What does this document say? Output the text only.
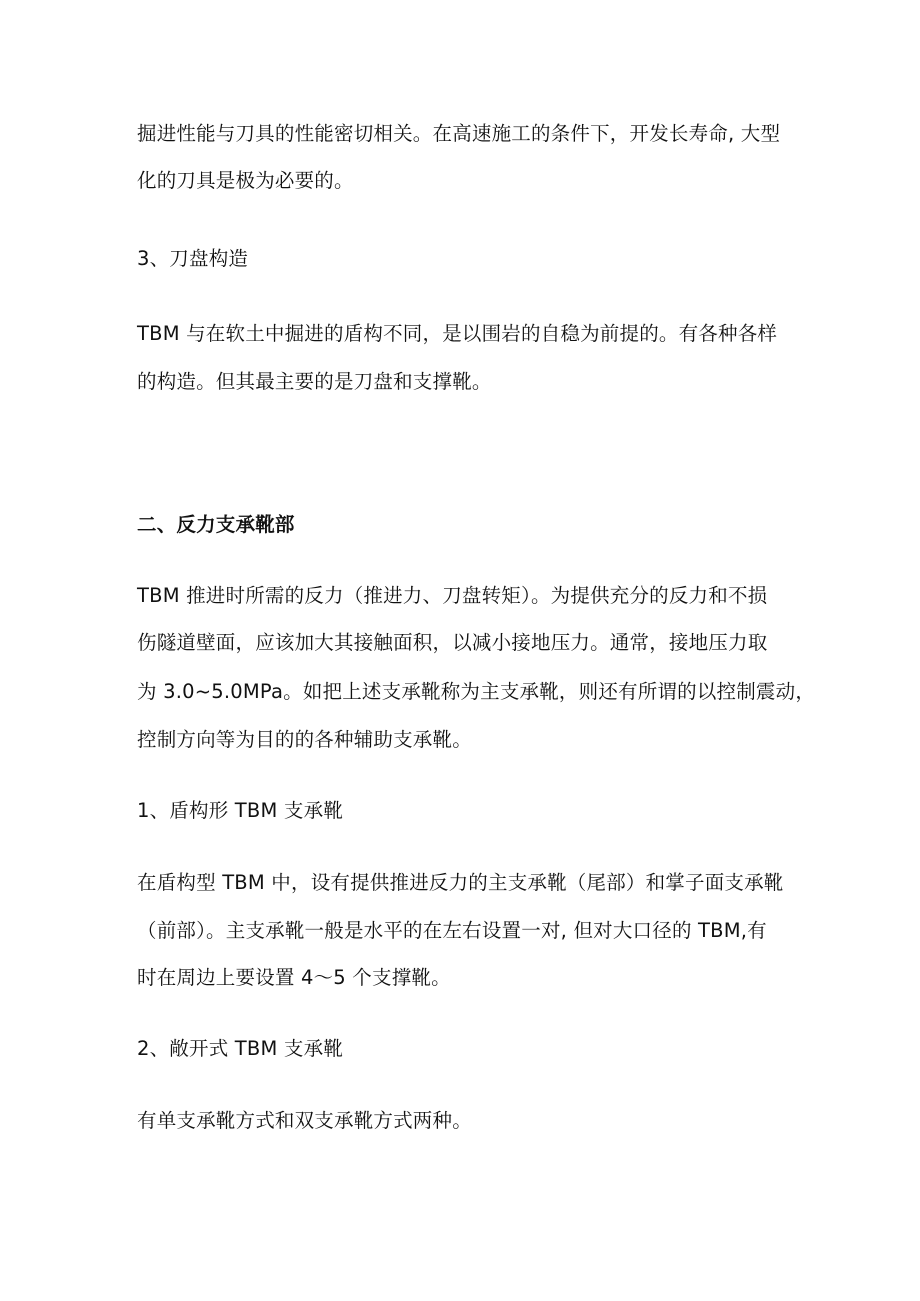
掘进性能与刀具的性能密切相关。在高速施工的条件下，开发长寿命, 大型
化的刀具是极为必要的。
3、刀盘构造
TBM 与在软土中掘进的盾构不同，是以围岩的自稳为前提的。有各种各样
的构造。但其最主要的是刀盘和支撑靴。
二、反力支承靴部
TBM 推进时所需的反力（推进力、刀盘转矩）。为提供充分的反力和不损
伤隧道壁面，应该加大其接触面积，以减小接地压力。通常，接地压力取
为 3.0~5.0MPa。如把上述支承靴称为主支承靴，则还有所谓的以控制震动，
控制方向等为目的的各种辅助支承靴。
1、盾构形 TBM 支承靴
在盾构型 TBM 中，设有提供推进反力的主支承靴（尾部）和掌子面支承靴
（前部）。主支承靴一般是水平的在左右设置一对, 但对大口径的 TBM,有
时在周边上要设置 4～5 个支撑靴。
2、敞开式 TBM 支承靴
有单支承靴方式和双支承靴方式两种。
